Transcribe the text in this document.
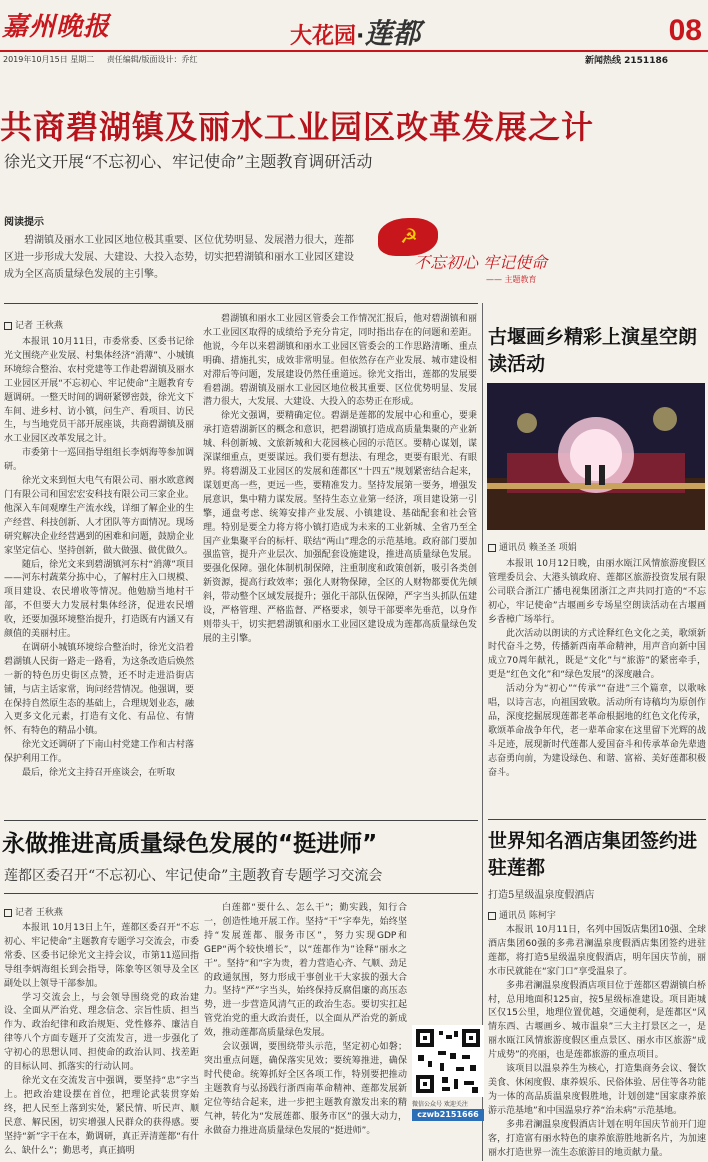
嘉州晚报	大花园·莲都	08
2019年10月15日 星期二 责任编辑/版面设计：乔红	新闻热线 2151186
共商碧湖镇及丽水工业园区改革发展之计
徐光文开展“不忘初心、牢记使命”主题教育调研活动
阅读提示
碧湖镇及丽水工业园区地位极其重要、区位优势明显、发展潜力很大，莲都区进一步形成大发展、大建设、大投入态势，切实把碧湖镇和丽水工业园区建设成为全区高质量绿色发展的主引擎。
☭
不忘初心 牢记使命
—— 主题教育
记者 王秋燕

本报讯 10月11日，市委常委、区委书记徐光文围绕产业发展、村集体经济“消薄”、小城镇环境综合整治、农村党建等工作赴碧湖镇及丽水工业园区开展“不忘初心、牢记使命”主题教育专题调研。一整天时间的调研紧锣密鼓，徐光文下车间、进乡村、访小镇，问生产、看项目、访民生，与当地党员干部开展座谈，共商碧湖镇及丽水工业园区改革发展之计。

市委第十一巡回指导组组长李炳海等参加调研。

徐光文来到恒大电气有限公司、丽水欧意阀门有限公司和国宏宏安科技有限公司三家企业。他深入车间观摩生产流水线，详细了解企业的生产经营、科技创新、人才团队等方面情况。现场研究解决企业经营遇到的困难和问题，鼓励企业家坚定信心、坚持创新，做大做强、做优做久。

随后，徐光文来到碧湖镇河东村“消薄”项目——河东村蔬菜分拣中心，了解村庄入口规模、项目建设、农民增收等情况。他勉励当地村干部，不但要大力发展村集体经济，促进农民增收，还要加强环境整治提升，打造既有内涵又有颜值的美丽村庄。

在调研小城镇环境综合整治时，徐光文沿着碧湖镇人民街一路走一路看，为这条改造后焕然一新的特色历史街区点赞，还不时走进沿街店铺，与店主话家常，询问经营情况。他强调，要在保持自然原生态的基础上，合理规划业态，融入更多文化元素，打造有文化、有品位、有情怀、有特色的精品小镇。

徐光文还调研了下南山村党建工作和古村落保护利用工作。

最后，徐光文主持召开座谈会，在听取

碧湖镇和丽水工业园区管委会工作情况汇报后，他对碧湖镇和丽水工业园区取得的成绩给予充分肯定，同时指出存在的问题和差距。他说，今年以来碧湖镇和丽水工业园区管委会的工作思路清晰、重点明确、措施扎实，成效非常明显。但依然存在产业发展、城市建设相对滞后等问题，发展建设仍然任重道远。徐光文指出，莲都的发展要看碧湖。碧湖镇及丽水工业园区地位极其重要、区位优势明显、发展潜力很大，大发展、大建设、大投入的态势正在形成。

徐光文强调，要精确定位。碧湖是莲都的发展中心和重心，要秉承打造碧湖新区的概念和意识，把碧湖镇打造成高质量集聚的产业新城、科创新城、文旅新城和大花园核心园的示范区。要精心谋划，谋深谋细重点，更要谋远。我们要有想法、有理念，更要有眼光、有眼界。将碧湖及工业园区的发展和莲都区“十四五”规划紧密结合起来，谋划更高一些，更远一些，要精准发力。坚持发展第一要务，增强发展意识，集中精力谋发展。坚持生态立业第一经济，项目建设第一引擎，通盘考虑、统筹安排产业发展、小镇建设、基础配套和社会管理。特别是要全力将方将小镇打造成为未来的工业新城、全省乃至全国产业集聚平台的标杆、联结“两山”理念的示范基地。政府部门要加强监管，提升产业层次、加强配套设施建设，推进高质量绿色发展。要强化保障。强化体制机制保障，注重制度和政策创新，吸引各类创新资源，提高行政效率；强化人财物保障，全区的人财物都要优先倾斜，带动整个区域发展提升；强化干部队伍保障，严字当头抓队伍建设，严格管理、严格监督、严格要求，领导干部要率先垂范，以身作则带头干，切实把碧湖镇和丽水工业园区建设成为莲都高质量绿色发展的主引擎。

古堰画乡精彩上演星空朗读活动
通讯员 赖圣圣 项娟

本报讯 10月12日晚，由丽水瓯江风情旅游度假区管理委员会、大港头镇政府、莲都区旅游投资发展有限公司联合浙江广播电视集团浙江之声共同打造的“不忘初心，牢记使命”古堰画乡专场星空朗读活动在古堰画乡香樟广场举行。

此次活动以朗读的方式诠释红色文化之美，歌颂新时代奋斗之势，传播新西南革命精神，用声音向新中国成立70周年献礼，既是“文化”与“旅游”的紧密牵手，更是“红色文化”和“绿色发展”的深度融合。

活动分为“初心”“传承”“奋进”三个篇章，以歌咏唱，以诗言志，向祖国致敬。活动所有诗稿均为原创作品，深度挖掘展现莲都老革命根据地的红色文化传承，歌颂革命战争年代，老一辈革命家在这里留下光辉的战斗足迹，展现新时代莲都人爱国奋斗和传承革命先辈遗志奋勇向前，为建设绿色、和谐、富裕、美好莲都积极奋斗。

世界知名酒店集团签约进驻莲都
打造5星级温泉度假酒店
通讯员 陈柯宇

本报讯 10月11日，名列中国饭店集团10强、全球酒店集团60强的多弗君澜温泉度假酒店集团签约进驻莲都，将打造5星级温泉度假酒店，明年国庆节前，丽水市民就能在“家门口”享受温泉了。

多弗君澜温泉度假酒店项目位于莲都区碧湖镇白桥村，总用地面积125亩，按5星级标准建设。项目距城区仅15公里，地理位置优越，交通便利，是莲都区“风情东西、古堰画乡、城市温泉”三大主打景区之一，是丽水瓯江风情旅游度假区重点景区、丽水市区旅游“成片成势”的亮丽，也是莲都旅游的重点项目。

该项目以温泉养生为核心，打造集商务会议、餐饮美食、休闲度假、康养娱乐、民俗体验、居住等各功能为一体的高品质温泉度假胜地，计划创建“国家康养旅游示范基地”和中国温泉疗养“治未病”示范基地。

多弗君澜温泉度假酒店计划在明年国庆节前开门迎客，打造富有丽水特色的康养旅游胜地新名片，为加速丽水打造世界一流生态旅游目的地贡献力量。

永做推进高质量绿色发展的“挺进师”
莲都区委召开“不忘初心、牢记使命”主题教育专题学习交流会
记者 王秋燕

本报讯 10月13日上午，莲都区委召开“不忘初心、牢记使命”主题教育专题学习交流会，市委常委、区委书记徐光文主持会议，市第11巡回指导组李炳海组长到会指导，陈象等区领导及全区副处以上领导干部参加。

学习交流会上，与会领导围绕党的政治建设、全面从严治党、理念信念、宗旨性质、担当作为、政治纪律和政治规矩、党性修养、廉洁自律等八个方面专题开了交流发言，进一步强化了守初心的思想认同、担使命的政治认同、找差距的目标认同、抓落实的行动认同。

徐光文在交流发言中强调，要坚持“忠”字当上。把政治建设摆在首位，把理论武装贯穿始终，把人民至上落到实处，紧民情、听民声、顺民意、解民困，切实增强人民群众的获得感。要坚持“新”字干在本，勤调研，真正弄清莲都“有什么、缺什么”；勤思考，真正搞明

白莲都“要什么、怎么干”；勤实践，知行合一，创造性地开展工作。坚持“干”字奉先，始终坚持“发展莲都、服务市区”，努力实现GDP和GEP“两个较快增长”，以“莲都作为”诠释“丽水之干”。坚持“和”字为贵，着力营造心齐、气顺、劲足的政通氛围，努力形成干事创业干大家拔的强大合力。坚持“严”字当头，始终保持反腐倡廉的高压态势，进一步营造风清气正的政治生态。要切实扛起管党治党的重大政治责任，以全面从严治党的新成效，推动莲都高质量绿色发展。

会议强调，要围绕带头示范，坚定初心如磐；突出重点问题，确保落实见效；要统筹推进，确保时代使命。统筹抓好全区各项工作，特别要把推动主题教育与弘扬践行浙西南革命精神、莲都发展新定位等结合起来，进一步把主题教育激发出来的精气神，转化为“发展莲都、服务市区”的强大动力，永做奋力推进高质量绿色发展的“挺进师”。

微信公众号 欢迎关注
czwb2151666
